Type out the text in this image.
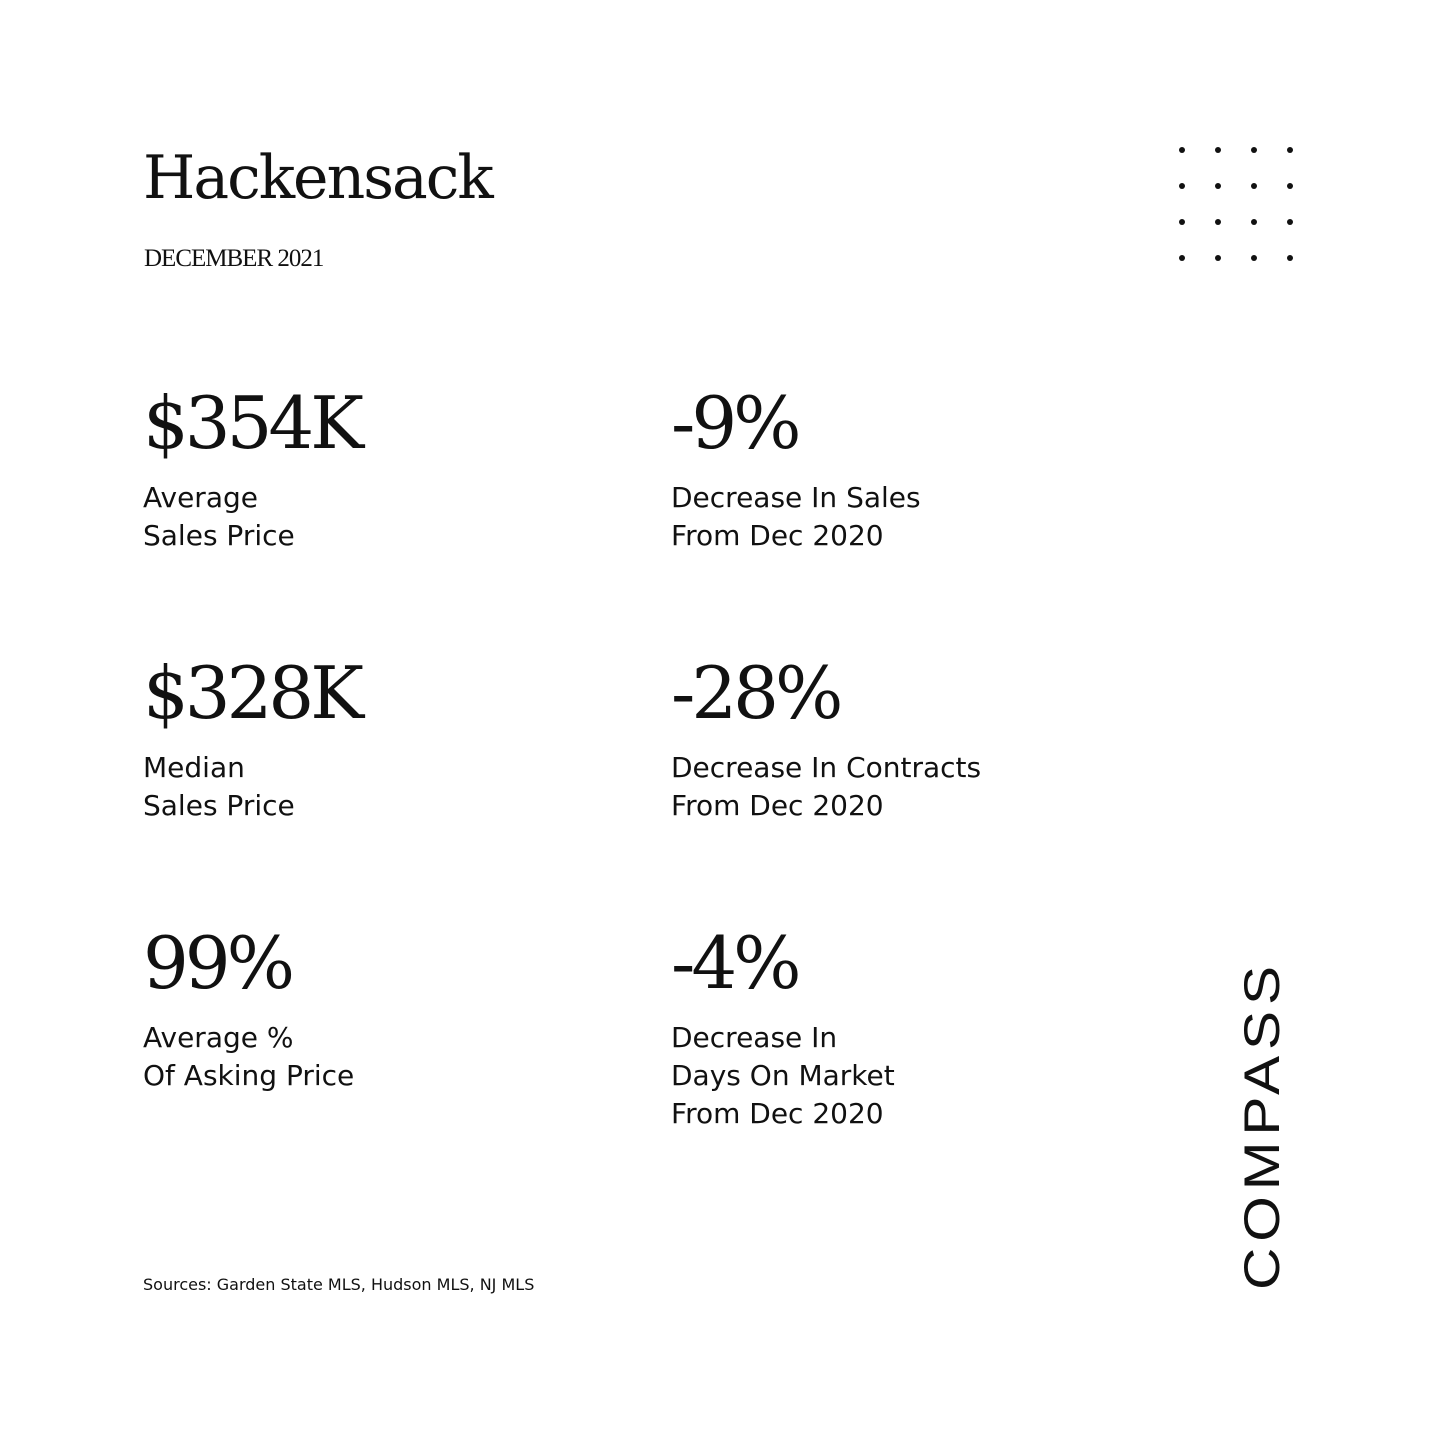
Hackensack
DECEMBER 2021
$354K
Average
Sales Price
-9%
Decrease In Sales
From Dec 2020
$328K
Median
Sales Price
-28%
Decrease In Contracts
From Dec 2020
99%
Average %
Of Asking Price
-4%
Decrease In
Days On Market
From Dec 2020
Sources: Garden State MLS, Hudson MLS, NJ MLS	COMPASS
